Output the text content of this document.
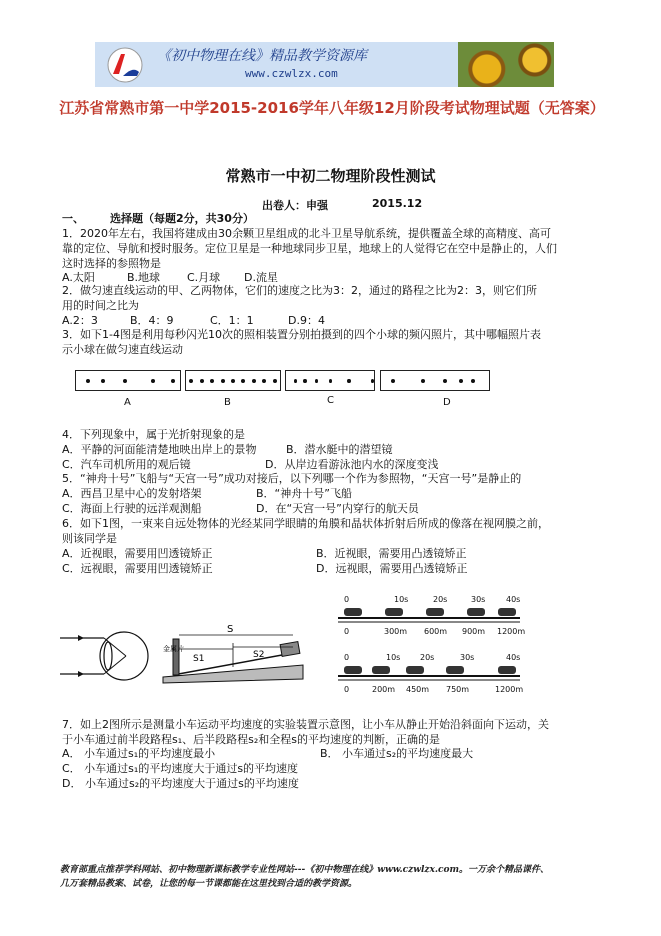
《初中物理在线》精品教学资源库
www.czwlzx.com
江苏省常熟市第一中学2015-2016学年八年级12月阶段考试物理试题（无答案）
常熟市一中初二物理阶段性测试
出卷人：申强	2015.12
一、 选择题（每题2分，共30分）
1．2020年左右，我国将建成由30余颗卫星组成的北斗卫星导航系统，提供覆盖全球的高精度、高可
靠的定位、导航和授时服务。定位卫星是一种地球同步卫星，地球上的人觉得它在空中是静止的，人们
这时选择的参照物是
A.太阳	B.地球 C.月球 D.流星
2．做匀速直线运动的甲、乙两物体，它们的速度之比为3：2，通过的路程之比为2：3，则它们所
用的时间之比为
A.2：3	B．4：9	C．1：1	D.9：4
3．如下1-4图是利用每秒闪光10次的照相装置分别拍摄到的四个小球的频闪照片，其中哪幅照片表
示小球在做匀速直线运动
A	B	C	D
4．下列现象中，属于光折射现象的是
A．平静的河面能清楚地映出岸上的景物	B．潜水艇中的潜望镜
C．汽车司机所用的观后镜	D．从岸边看游泳池内水的深度变浅
5．“神舟十号”飞船与“天宫一号”成功对接后，以下列哪一个作为参照物，“天宫一号”是静止的
A．西昌卫星中心的发射塔架	B．“神舟十号”飞船
C．海面上行驶的远洋观测船	D．在“天宫一号”内穿行的航天员
6．如下1图，一束来自远处物体的光经某同学眼睛的角膜和晶状体折射后所成的像落在视网膜之前，
则该同学是
A．近视眼，需要用凹透镜矫正	B．近视眼，需要用凸透镜矫正
C．远视眼，需要用凹透镜矫正	D．远视眼，需要用凸透镜矫正
S
S1	S2
金属片
0	10s	20s	30s	40s
0	300m 600m 900m 1200m
0	10s 20s	30s	40s
0	200m 450m 750m	1200m
7．如上2图所示是测量小车运动平均速度的实验装置示意图，让小车从静止开始沿斜面向下运动，关
于小车通过前半段路程s₁、后半段路程s₂和全程s的平均速度的判断，正确的是
A． 小车通过s₁的平均速度最小	B． 小车通过s₂的平均速度最大
C． 小车通过s₁的平均速度大于通过s的平均速度
D． 小车通过s₂的平均速度大于通过s的平均速度
教育部重点推荐学科网站、初中物理新课标教学专业性网站---《初中物理在线》www.czwlzx.com。一万余个精品课件、
几万套精品教案、试卷，让您的每一节课都能在这里找到合适的教学资源。
